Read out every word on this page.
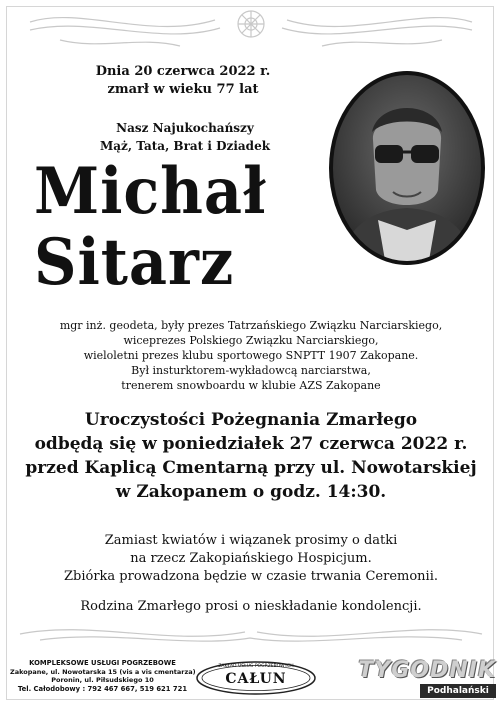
Dnia 20 czerwca 2022 r.
zmarł w wieku 77 lat
Nasz Najukochańszy
Mąż, Tata, Brat i Dziadek
Michał
Sitarz
mgr inż. geodeta, były prezes Tatrzańskiego Związku Narciarskiego,
wiceprezes Polskiego Związku Narciarskiego,
wieloletni prezes klubu sportowego SNPTT 1907 Zakopane.
Był insturktorem-wykładowcą narciarstwa,
trenerem snowboardu w klubie AZS Zakopane
Uroczystości Pożegnania Zmarłego
odbędą się w poniedziałek 27 czerwca 2022 r.
przed Kaplicą Cmentarną przy ul. Nowotarskiej
w Zakopanem o godz. 14:30.
Zamiast kwiatów i wiązanek prosimy o datki
na rzecz Zakopiańskiego Hospicjum.
Zbiórka prowadzona będzie w czasie trwania Ceremonii.
Rodzina Zmarłego prosi o nieskładanie kondolencji.
KOMPLEKSOWE USŁUGI POGRZEBOWE
Zakopane, ul. Nowotarska 15 (vis a vis cmentarza)
Poronin, ul. Piłsudskiego 10
Tel. Całodobowy : 792 467 667, 519 621 721
ZAKŁAD USŁUG POGRZEBOWYCH
CAŁUN	TYGODNIK
Podhalański
